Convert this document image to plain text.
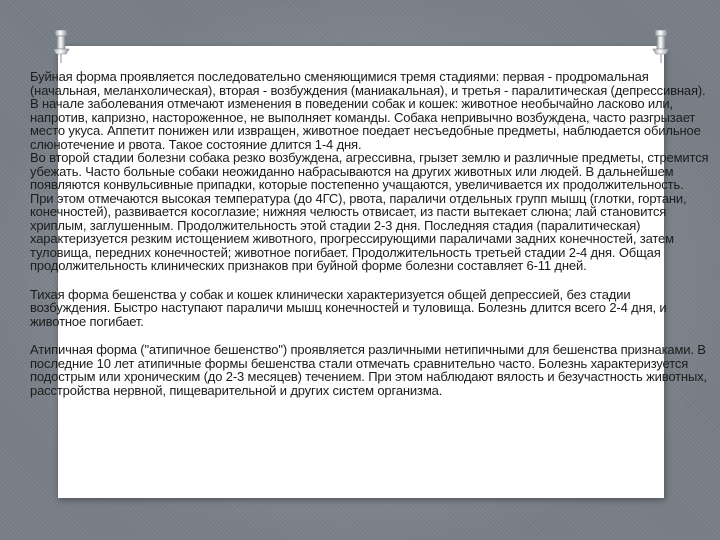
Буйная форма проявляется последовательно сменяющимися тремя стадиями: первая - продромальная (начальная, меланхолическая), вторая - возбуждения (маниакальная), и третья - паралитическая (депрессивная). В начале заболевания отмечают изменения в поведении собак и кошек: животное необычайно ласково или, напротив, капризно, настороженное, не выполняет команды. Собака непривычно возбуждена, часто разгрызает место укуса. Аппетит понижен или извращен, животное поедает несъедобные предметы, наблюдается обильное слюнотечение и рвота. Такое состояние длится 1-4 дня.

Во второй стадии болезни собака резко возбуждена, агрессивна, грызет землю и различные предметы, стремится убежать. Часто больные собаки неожиданно набрасываются на других животных или людей. В дальнейшем появляются конвульсивные припадки, которые постепенно учащаются, увеличивается их продолжительность. При этом отмечаются высокая температура (до 4ГС), рвота, параличи отдельных групп мышц (глотки, гортани, конечностей), развивается косоглазие; нижняя челюсть отвисает, из пасти вытекает слюна; лай становится хриплым, заглушенным. Продолжительность этой стадии 2-3 дня. Последняя стадия (паралитическая) характеризуется резким истощением животного, прогрессирующими параличами задних конечностей, затем туловища, передних конечностей; животное погибает. Продолжительность третьей стадии 2-4 дня. Общая продолжительность клинических признаков при буйной форме болезни составляет 6-11 дней.

Тихая форма бешенства у собак и кошек клинически характеризуется общей депрессией, без стадии возбуждения. Быстро наступают параличи мышц конечностей и туловища. Болезнь длится всего 2-4 дня, и животное погибает.

Атипичная форма ("атипичное бешенство") проявляется различными нетипичными для бешенства признаками. В последние 10 лет атипичные формы бешенства стали отмечать сравнительно часто. Болезнь характеризуется подострым или хроническим (до 2-3 месяцев) течением. При этом наблюдают вялость и безучастность животных, расстройства нервной, пищеварительной и других систем организма.
